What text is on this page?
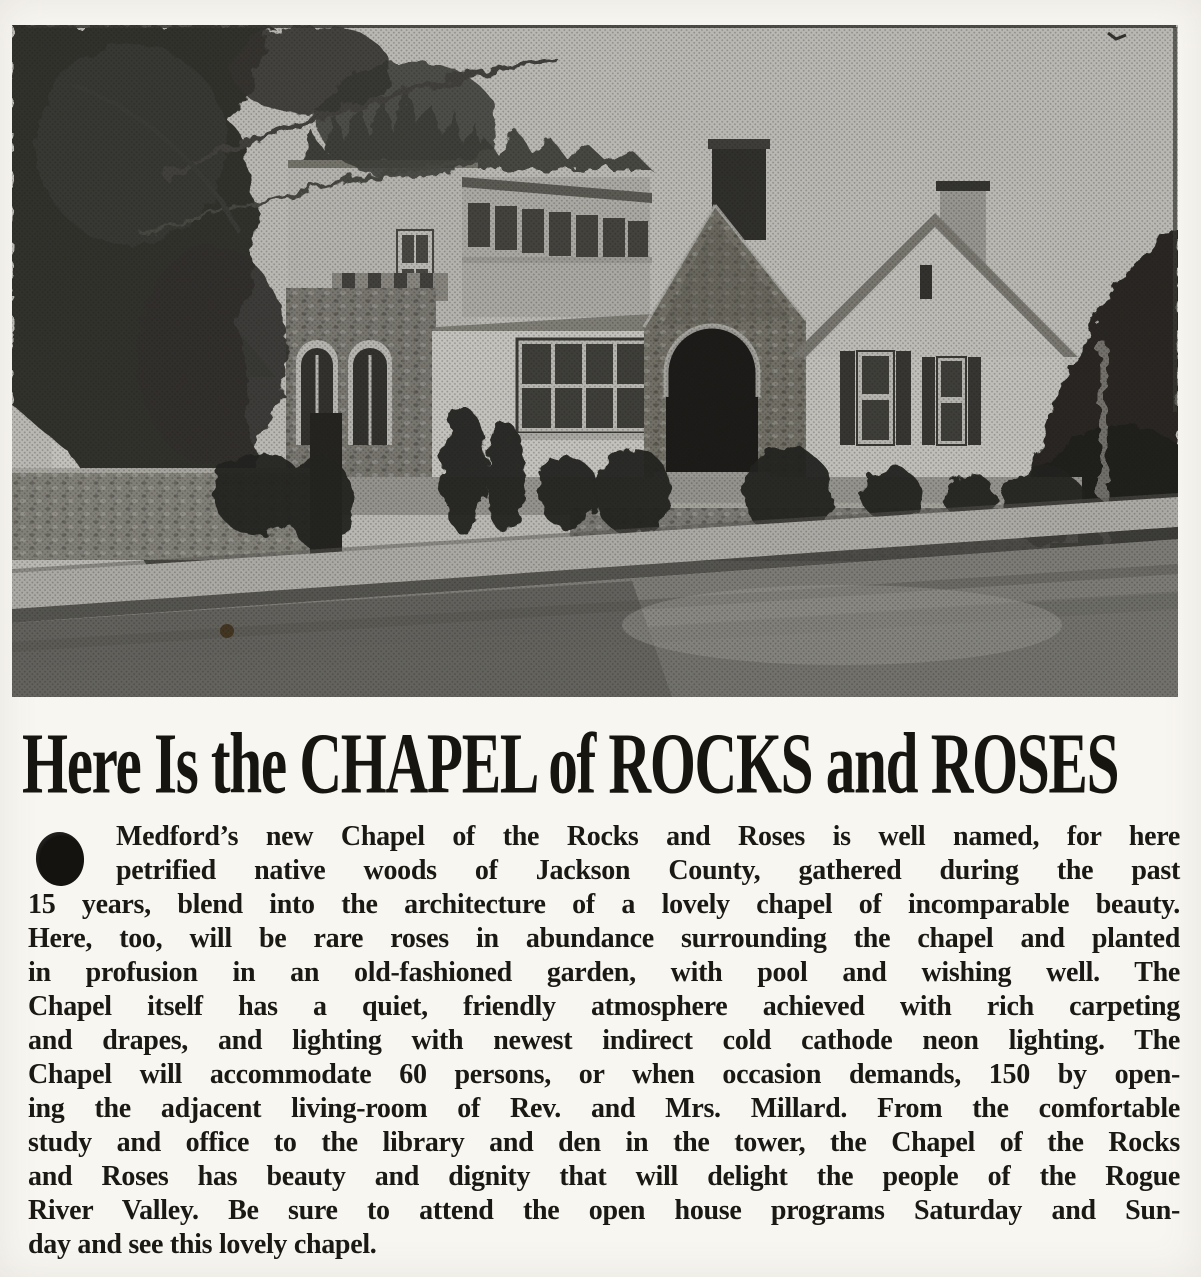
Here Is the CHAPEL of ROCKS and ROSES
Medford’s new Chapel of the Rocks and Roses is well named, for here
petrified native woods of Jackson County, gathered during the past
15 years, blend into the architecture of a lovely chapel of incomparable beauty.
Here, too, will be rare roses in abundance surrounding the chapel and planted
in profusion in an old-fashioned garden, with pool and wishing well. The
Chapel itself has a quiet, friendly atmosphere achieved with rich carpeting
and drapes, and lighting with newest indirect cold cathode neon lighting. The
Chapel will accommodate 60 persons, or when occasion demands, 150 by open-
ing the adjacent living-room of Rev. and Mrs. Millard. From the comfortable
study and office to the library and den in the tower, the Chapel of the Rocks
and Roses has beauty and dignity that will delight the people of the Rogue
River Valley. Be sure to attend the open house programs Saturday and Sun-
day and see this lovely chapel.
